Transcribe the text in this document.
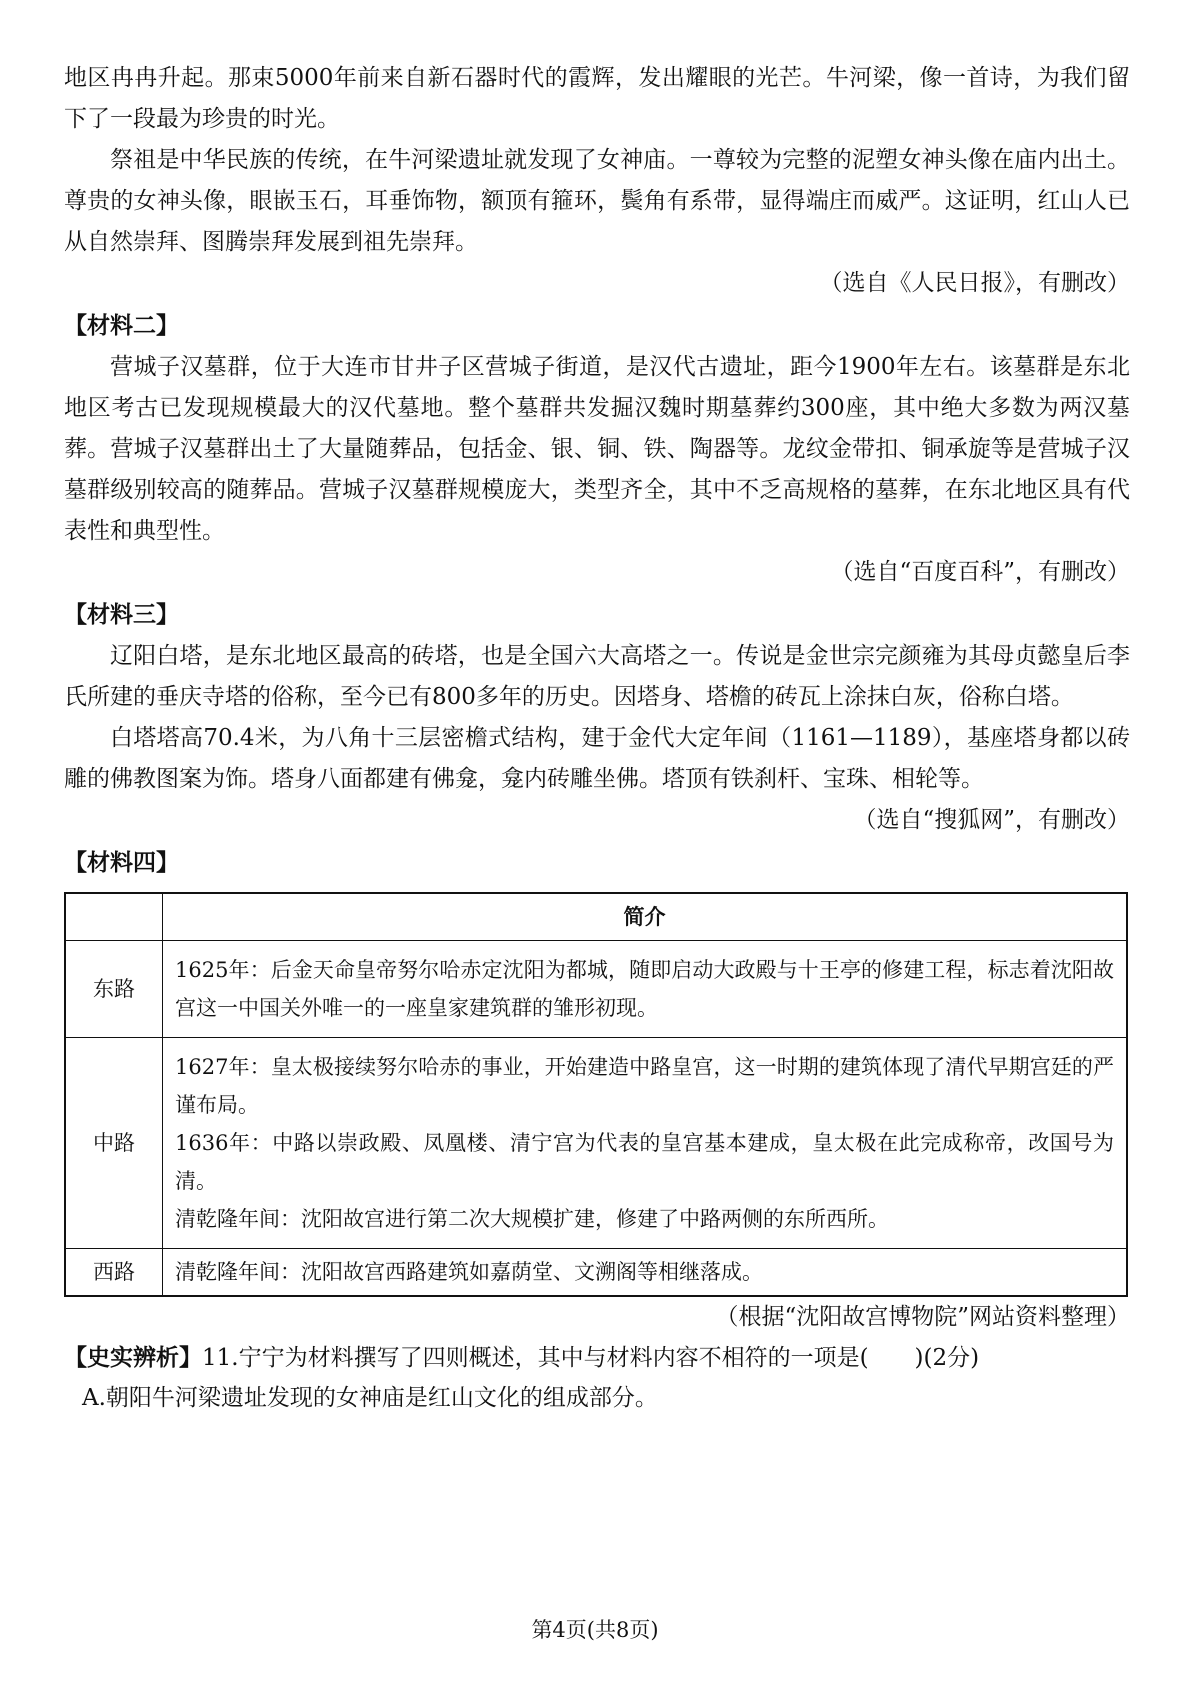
地区冉冉升起。那束5000年前来自新石器时代的霞辉，发出耀眼的光芒。牛河梁，像一首诗，为我们留下了一段最为珍贵的时光。

祭祖是中华民族的传统，在牛河梁遗址就发现了女神庙。一尊较为完整的泥塑女神头像在庙内出土。尊贵的女神头像，眼嵌玉石，耳垂饰物，额顶有箍环，鬓角有系带，显得端庄而威严。这证明，红山人已从自然崇拜、图腾崇拜发展到祖先崇拜。

（选自《人民日报》，有删改）

【材料二】

营城子汉墓群，位于大连市甘井子区营城子街道，是汉代古遗址，距今1900年左右。该墓群是东北地区考古已发现规模最大的汉代墓地。整个墓群共发掘汉魏时期墓葬约300座，其中绝大多数为两汉墓葬。营城子汉墓群出土了大量随葬品，包括金、银、铜、铁、陶器等。龙纹金带扣、铜承旋等是营城子汉墓群级别较高的随葬品。营城子汉墓群规模庞大，类型齐全，其中不乏高规格的墓葬，在东北地区具有代表性和典型性。

（选自“百度百科”，有删改）

【材料三】

辽阳白塔，是东北地区最高的砖塔，也是全国六大高塔之一。传说是金世宗完颜雍为其母贞懿皇后李氏所建的垂庆寺塔的俗称，至今已有800多年的历史。因塔身、塔檐的砖瓦上涂抹白灰，俗称白塔。

白塔塔高70.4米，为八角十三层密檐式结构，建于金代大定年间（1161—1189），基座塔身都以砖雕的佛教图案为饰。塔身八面都建有佛龛，龛内砖雕坐佛。塔顶有铁刹杆、宝珠、相轮等。

（选自“搜狐网”，有删改）

【材料四】
	简介
东路	1625年：后金天命皇帝努尔哈赤定沈阳为都城，随即启动大政殿与十王亭的修建工程，标志着沈阳故宫这一中国关外唯一的一座皇家建筑群的雏形初现。

中路	1627年：皇太极接续努尔哈赤的事业，开始建造中路皇宫，这一时期的建筑体现了清代早期宫廷的严谨布局。
1636年：中路以崇政殿、凤凰楼、清宁宫为代表的皇宫基本建成，皇太极在此完成称帝，改国号为清。
清乾隆年间：沈阳故宫进行第二次大规模扩建，修建了中路两侧的东所西所。

西路	清乾隆年间：沈阳故宫西路建筑如嘉荫堂、文溯阁等相继落成。

（根据“沈阳故宫博物院”网站资料整理）

【史实辨析】11.宁宁为材料撰写了四则概述，其中与材料内容不相符的一项是(　　)(2分)

A.朝阳牛河梁遗址发现的女神庙是红山文化的组成部分。

第4页(共8页)
